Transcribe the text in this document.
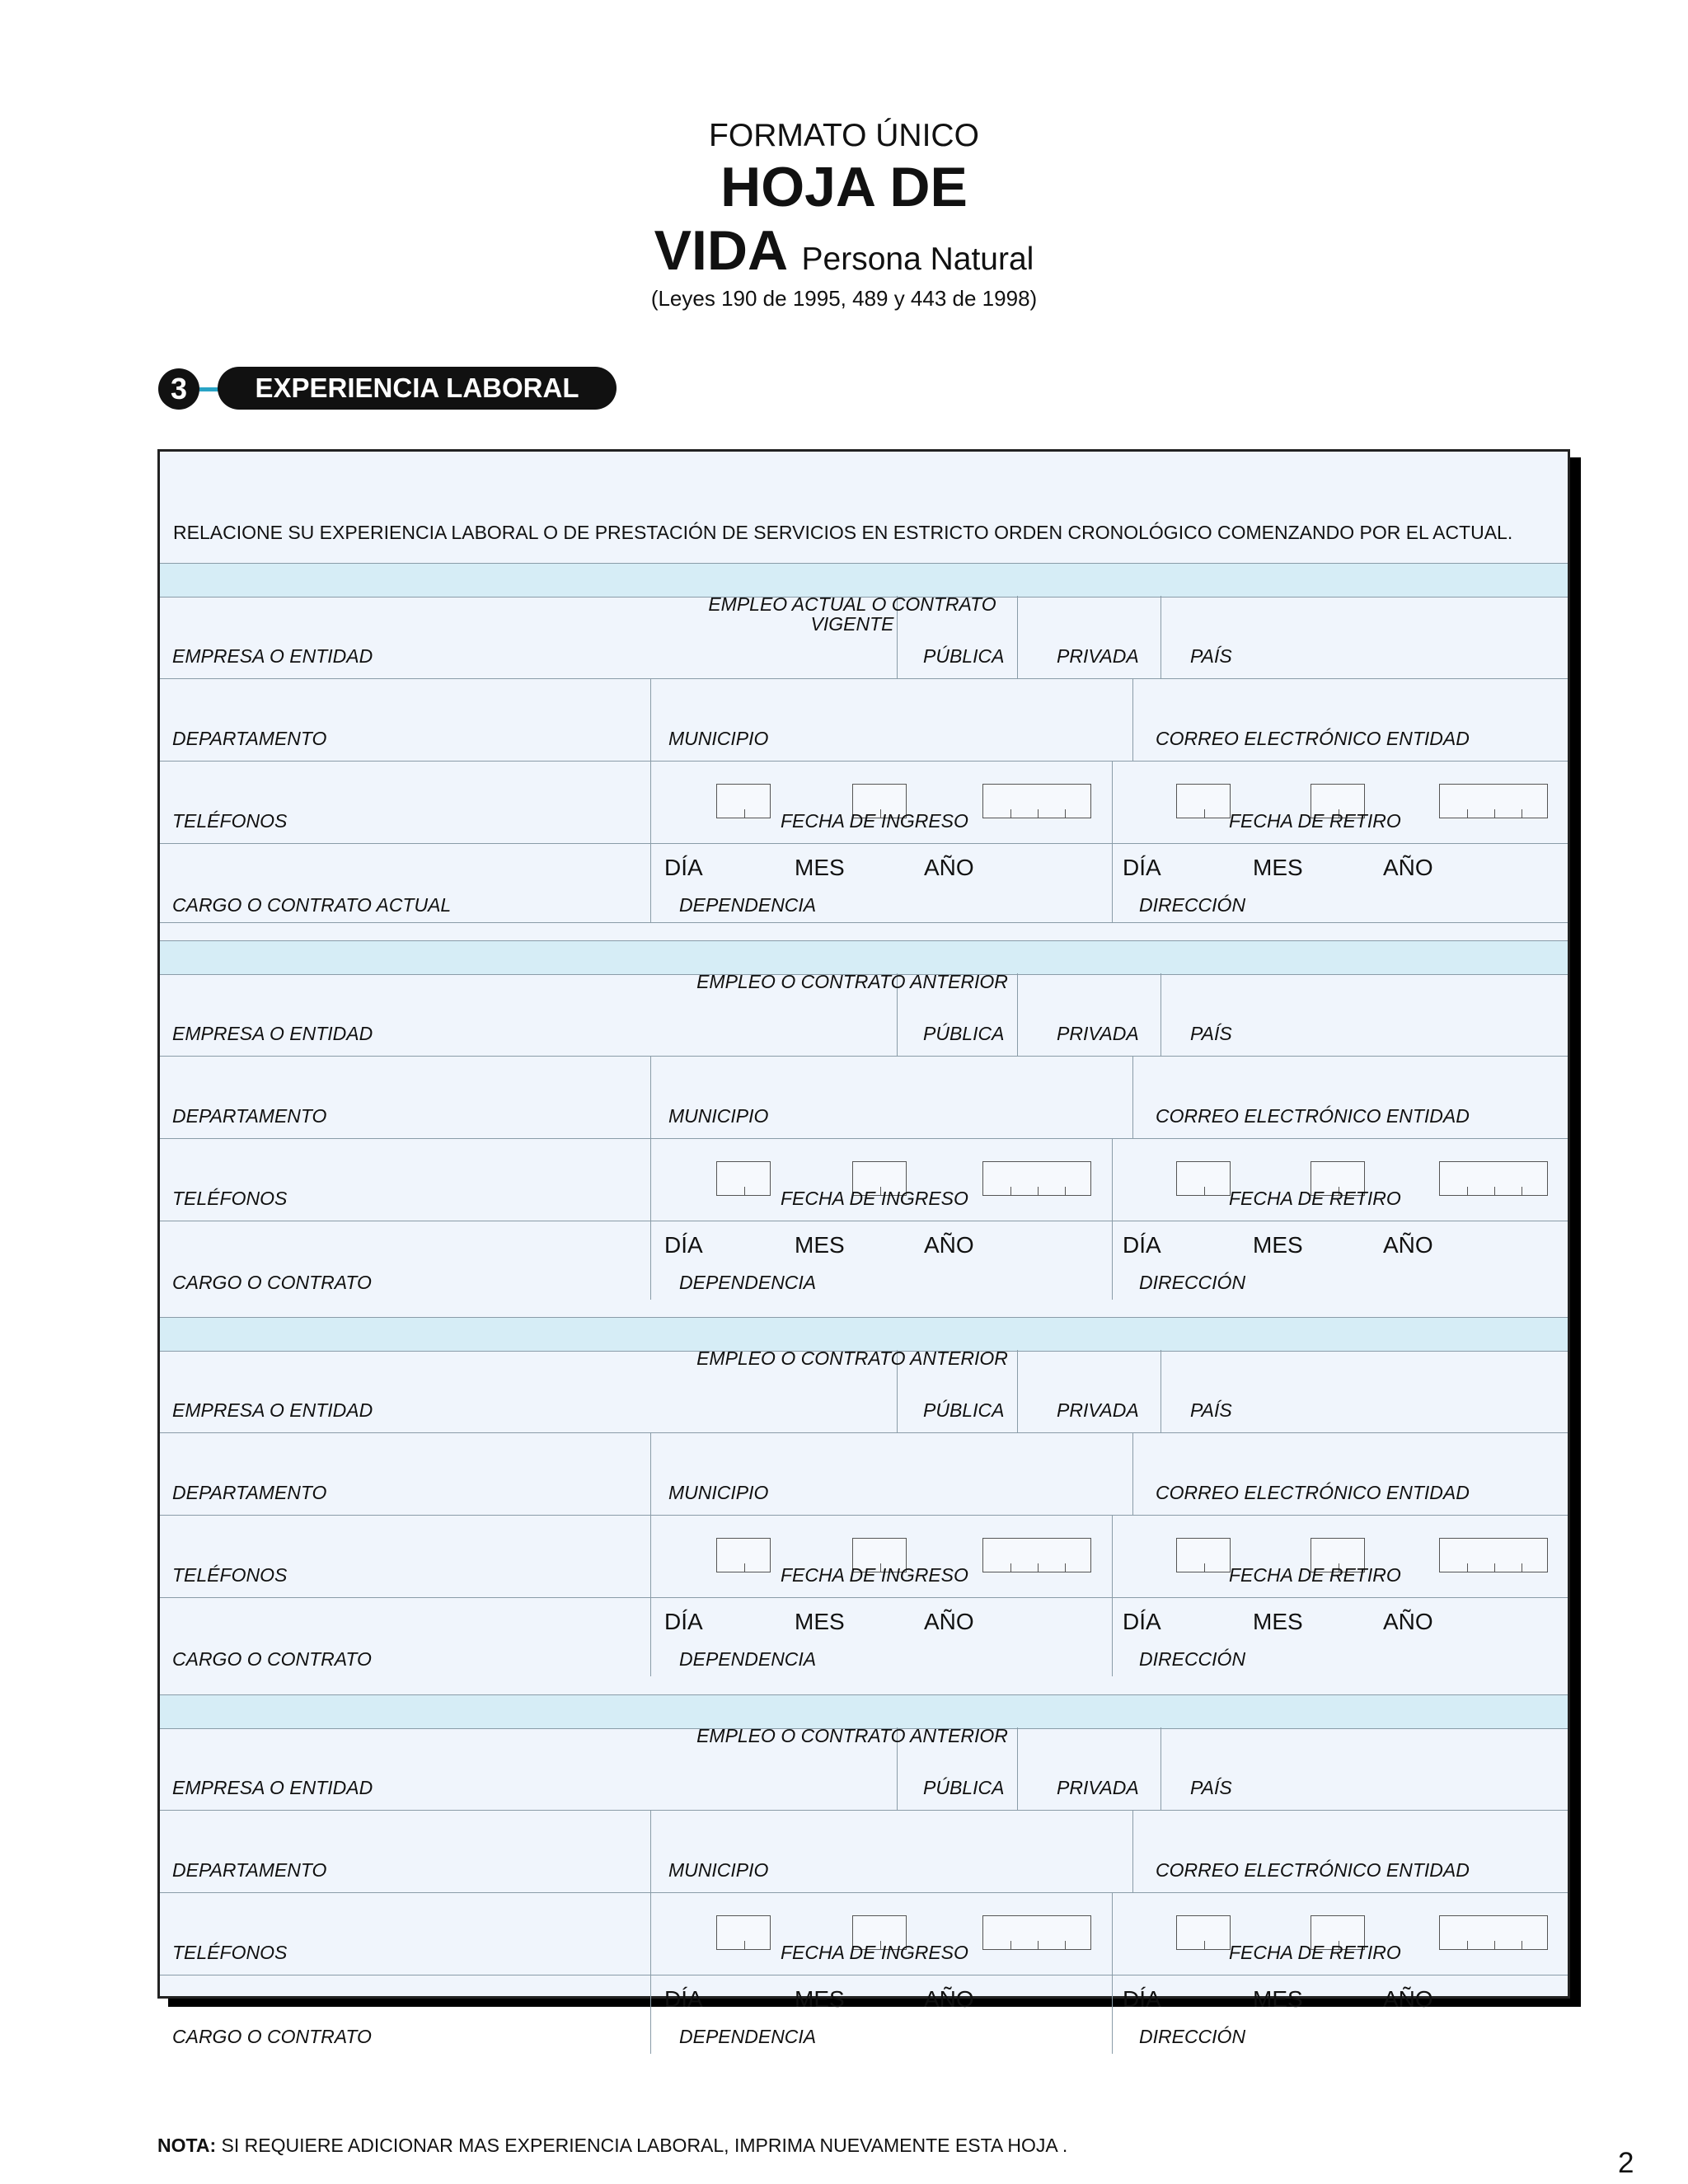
FORMATO ÚNICO
HOJA DE
VIDA Persona Natural
(Leyes 190 de 1995, 489 y 443 de 1998)
3	EXPERIENCIA LABORAL
RELACIONE SU EXPERIENCIA LABORAL O DE PRESTACIÓN DE SERVICIOS EN ESTRICTO ORDEN CRONOLÓGICO COMENZANDO POR EL ACTUAL.
EMPLEO ACTUAL O CONTRATO VIGENTE
EMPRESA O ENTIDAD	PÚBLICA	PRIVADA	PAÍS
DEPARTAMENTO	MUNICIPIO	CORREO ELECTRÓNICO ENTIDAD
TELÉFONOS	FECHA DE INGRESO	FECHA DE RETIRO
DÍA	MES	AÑO	DÍA	MES	AÑO
CARGO O CONTRATO ACTUAL	DEPENDENCIA	DIRECCIÓN
EMPLEO O CONTRATO ANTERIOR
EMPRESA O ENTIDAD	PÚBLICA	PRIVADA	PAÍS
DEPARTAMENTO	MUNICIPIO	CORREO ELECTRÓNICO ENTIDAD
TELÉFONOS	FECHA DE INGRESO	FECHA DE RETIRO
DÍA	MES	AÑO	DÍA	MES	AÑO
CARGO O CONTRATO	DEPENDENCIA	DIRECCIÓN
EMPLEO O CONTRATO ANTERIOR
EMPRESA O ENTIDAD	PÚBLICA	PRIVADA	PAÍS
DEPARTAMENTO	MUNICIPIO	CORREO ELECTRÓNICO ENTIDAD
TELÉFONOS	FECHA DE INGRESO	FECHA DE RETIRO
DÍA	MES	AÑO	DÍA	MES	AÑO
CARGO O CONTRATO	DEPENDENCIA	DIRECCIÓN
EMPLEO O CONTRATO ANTERIOR
EMPRESA O ENTIDAD	PÚBLICA	PRIVADA	PAÍS
DEPARTAMENTO	MUNICIPIO	CORREO ELECTRÓNICO ENTIDAD
TELÉFONOS	FECHA DE INGRESO	FECHA DE RETIRO
DÍA	MES	AÑO	DÍA	MES	AÑO
CARGO O CONTRATO	DEPENDENCIA	DIRECCIÓN
NOTA: SI REQUIERE ADICIONAR MAS EXPERIENCIA LABORAL, IMPRIMA NUEVAMENTE ESTA HOJA .
2
